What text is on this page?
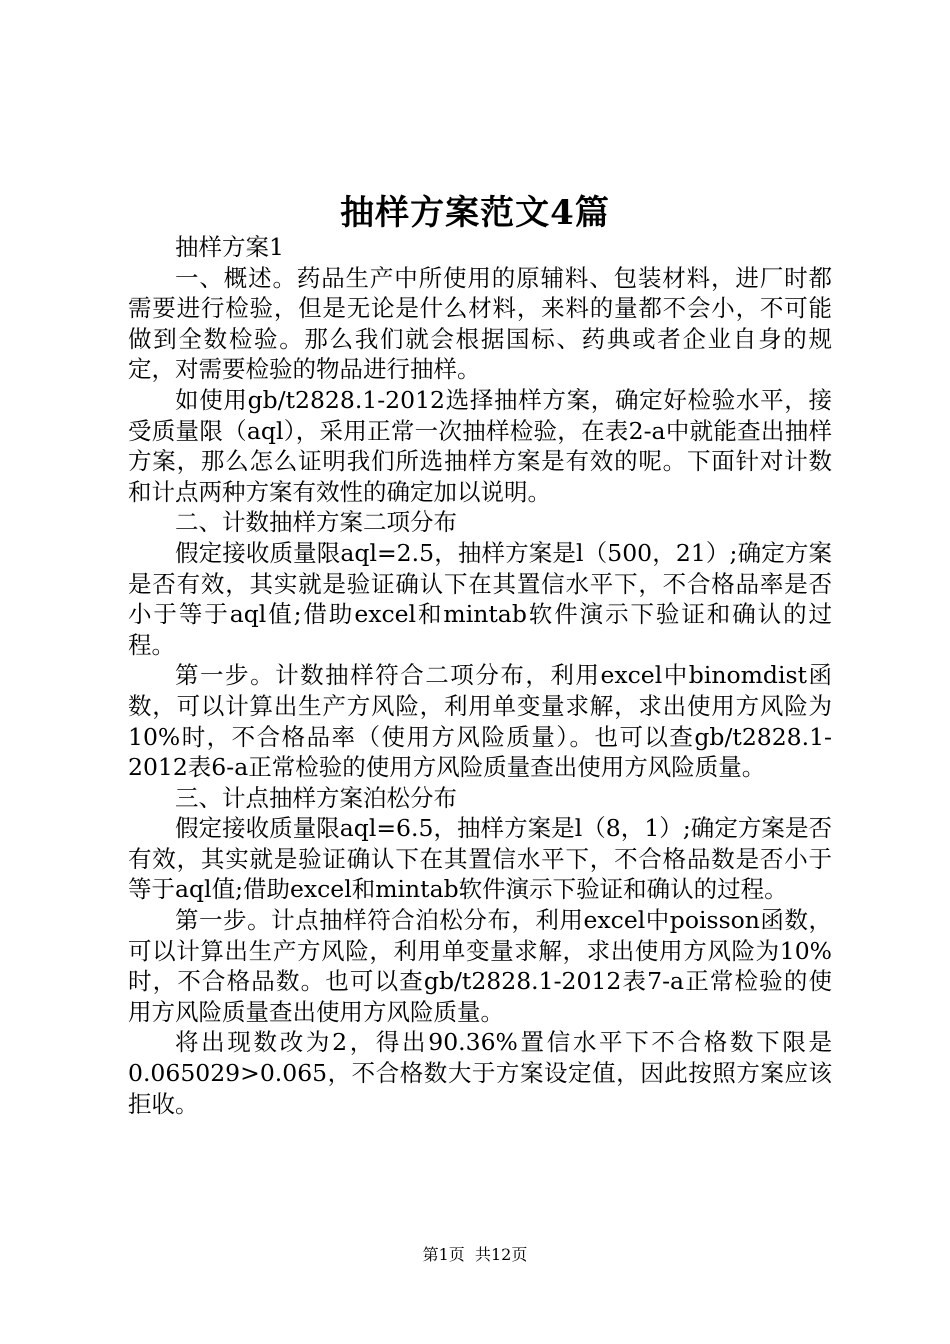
抽样方案范文4篇

抽样方案1

一、概述。药品生产中所使用的原辅料、包装材料，进厂时都需要进行检验，但是无论是什么材料，来料的量都不会小，不可能做到全数检验。那么我们就会根据国标、药典或者企业自身的规定，对需要检验的物品进行抽样。

如使用gb/t2828.1-2012选择抽样方案，确定好检验水平，接受质量限（aql），采用正常一次抽样检验，在表2-a中就能查出抽样方案，那么怎么证明我们所选抽样方案是有效的呢。下面针对计数和计点两种方案有效性的确定加以说明。

二、计数抽样方案二项分布

假定接收质量限aql=2.5，抽样方案是l（500，21）;确定方案是否有效，其实就是验证确认下在其置信水平下，不合格品率是否小于等于aql值;借助excel和mintab软件演示下验证和确认的过程。

第一步。计数抽样符合二项分布，利用excel中binomdist函数，可以计算出生产方风险，利用单变量求解，求出使用方风险为10%时，不合格品率（使用方风险质量）。也可以查gb/t2828.1-2012表6-a正常检验的使用方风险质量查出使用方风险质量。

三、计点抽样方案泊松分布

假定接收质量限aql=6.5，抽样方案是l（8，1）;确定方案是否有效，其实就是验证确认下在其置信水平下，不合格品数是否小于等于aql值;借助excel和mintab软件演示下验证和确认的过程。

第一步。计点抽样符合泊松分布，利用excel中poisson函数，可以计算出生产方风险，利用单变量求解，求出使用方风险为10%时，不合格品数。也可以查gb/t2828.1-2012表7-a正常检验的使用方风险质量查出使用方风险质量。

将出现数改为2，得出90.36%置信水平下不合格数下限是0.065029>0.065，不合格数大于方案设定值，因此按照方案应该拒收。

第1页 共12页
